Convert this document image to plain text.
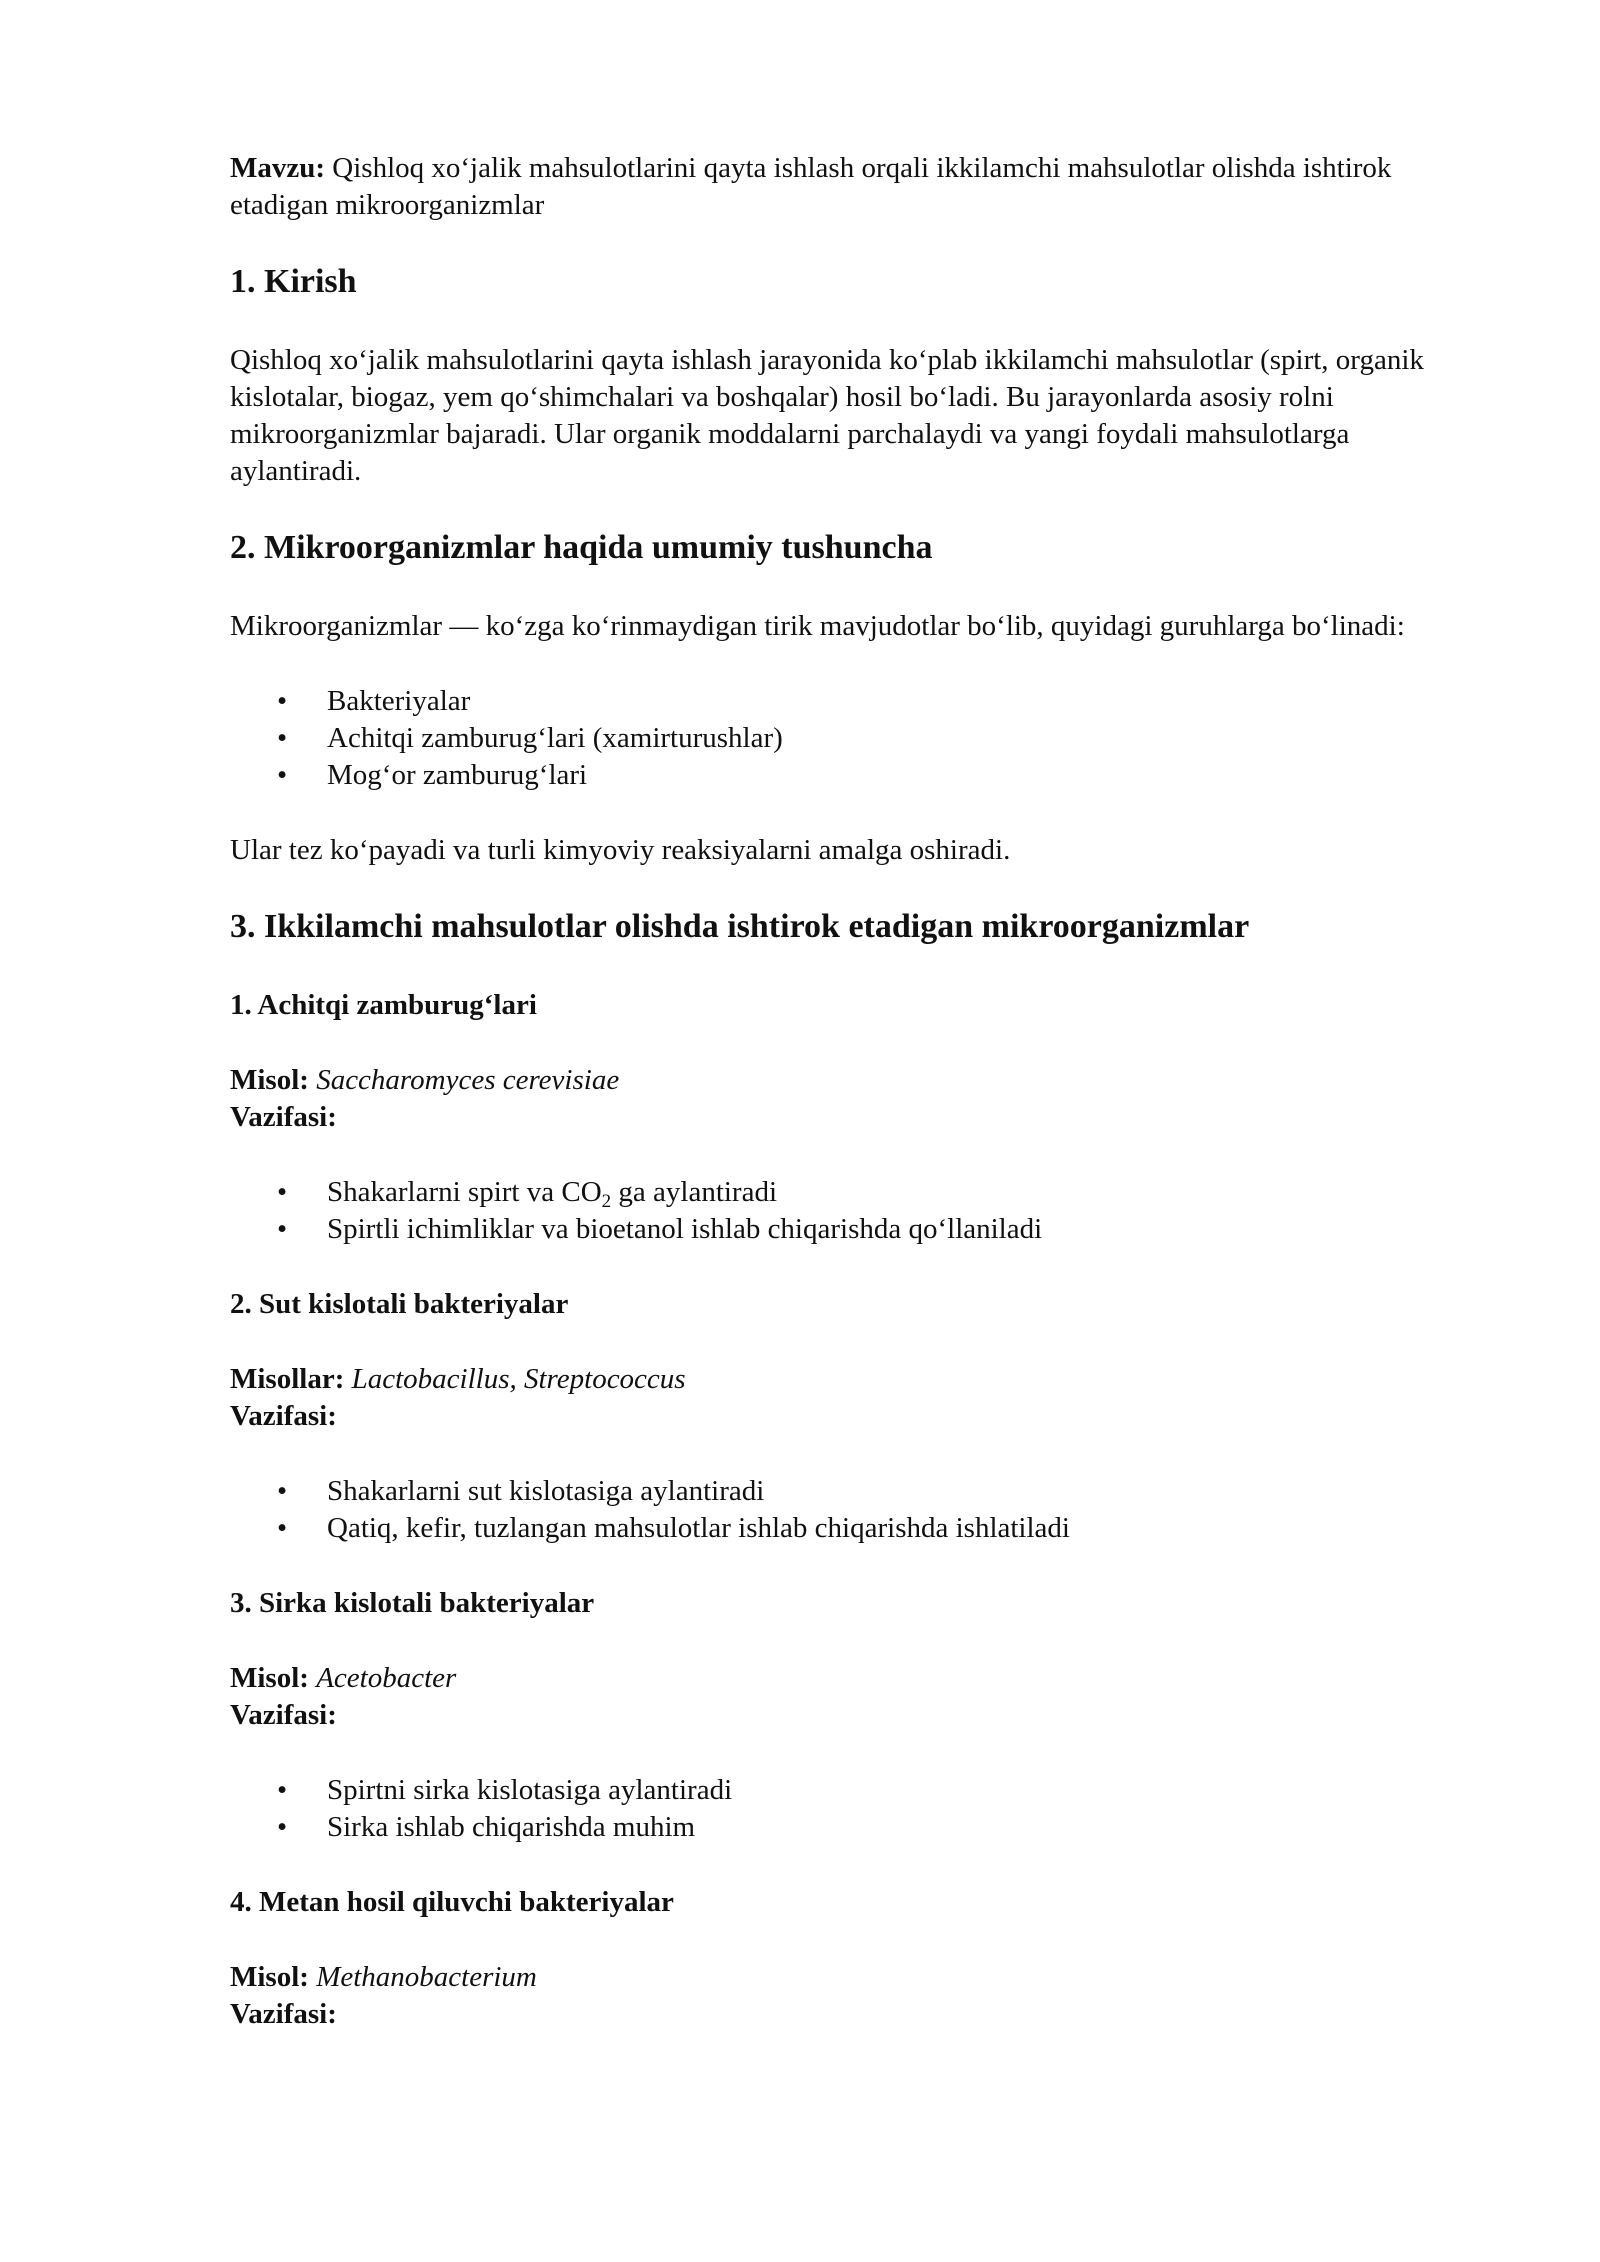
Mavzu: Qishloq xo‘jalik mahsulotlarini qayta ishlash orqali ikkilamchi mahsulotlar olishda ishtirok etadigan mikroorganizmlar

1. Kirish

Qishloq xo‘jalik mahsulotlarini qayta ishlash jarayonida ko‘plab ikkilamchi mahsulotlar (spirt, organik kislotalar, biogaz, yem qo‘shimchalari va boshqalar) hosil bo‘ladi. Bu jarayonlarda asosiy rolni mikroorganizmlar bajaradi. Ular organik moddalarni parchalaydi va yangi foydali mahsulotlarga aylantiradi.

2. Mikroorganizmlar haqida umumiy tushuncha

Mikroorganizmlar — ko‘zga ko‘rinmaydigan tirik mavjudotlar bo‘lib, quyidagi guruhlarga bo‘linadi:

• Bakteriyalar
• Achitqi zamburug‘lari (xamirturushlar)
• Mog‘or zamburug‘lari

Ular tez ko‘payadi va turli kimyoviy reaksiyalarni amalga oshiradi.

3. Ikkilamchi mahsulotlar olishda ishtirok etadigan mikroorganizmlar
1. Achitqi zamburug‘lari

Misol: Saccharomyces cerevisiae

Vazifasi:

• Shakarlarni spirt va $CO_2$ ga aylantiradi
• Spirtli ichimliklar va bioetanol ishlab chiqarishda qo‘llaniladi
2. Sut kislotali bakteriyalar

Misollar: Lactobacillus, Streptococcus

Vazifasi:

• Shakarlarni sut kislotasiga aylantiradi
• Qatiq, kefir, tuzlangan mahsulotlar ishlab chiqarishda ishlatiladi
3. Sirka kislotali bakteriyalar

Misol: Acetobacter

Vazifasi:

• Spirtni sirka kislotasiga aylantiradi
• Sirka ishlab chiqarishda muhim
4. Metan hosil qiluvchi bakteriyalar

Misol: Methanobacterium

Vazifasi:
